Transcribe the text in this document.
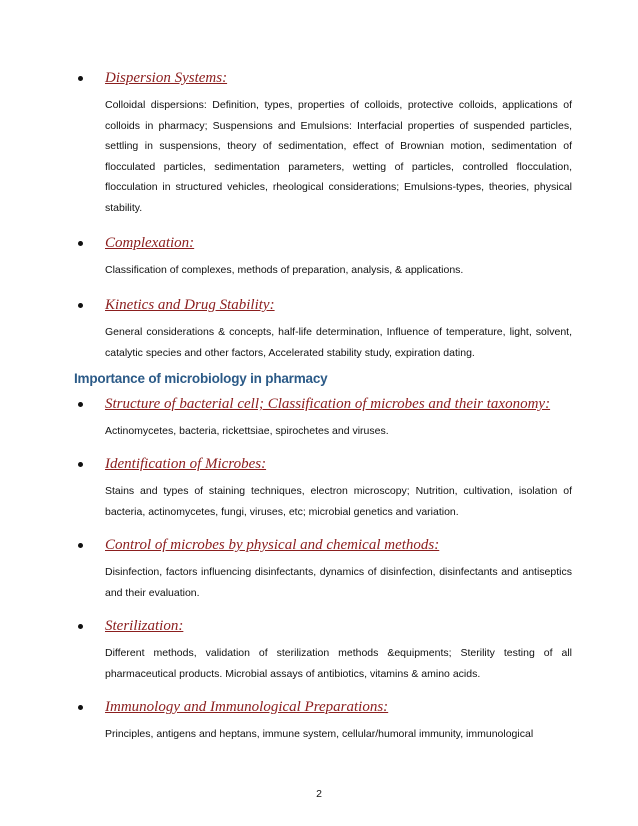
Dispersion Systems:
Colloidal dispersions: Definition, types, properties of colloids, protective colloids, applications of colloids in pharmacy; Suspensions and Emulsions: Interfacial properties of suspended particles, settling in suspensions, theory of sedimentation, effect of Brownian motion, sedimentation of flocculated particles, sedimentation parameters, wetting of particles, controlled flocculation, flocculation in structured vehicles, rheological considerations; Emulsions-types, theories, physical stability.
Complexation:
Classification of complexes, methods of preparation, analysis, & applications.
Kinetics and Drug Stability:
General considerations & concepts, half-life determination, Influence of temperature, light, solvent, catalytic species and other factors, Accelerated stability study, expiration dating.
Importance of microbiology in pharmacy
Structure of bacterial cell; Classification of microbes and their taxonomy:
Actinomycetes, bacteria, rickettsiae, spirochetes and viruses.
Identification of Microbes:
Stains and types of staining techniques, electron microscopy; Nutrition, cultivation, isolation of bacteria, actinomycetes, fungi, viruses, etc; microbial genetics and variation.
Control of microbes by physical and chemical methods:
Disinfection, factors influencing disinfectants, dynamics of disinfection, disinfectants and antiseptics and their evaluation.
Sterilization:
Different methods, validation of sterilization methods &equipments; Sterility testing of all pharmaceutical products. Microbial assays of antibiotics, vitamins & amino acids.
Immunology and Immunological Preparations:
Principles, antigens and heptans, immune system, cellular/humoral immunity, immunological
2
